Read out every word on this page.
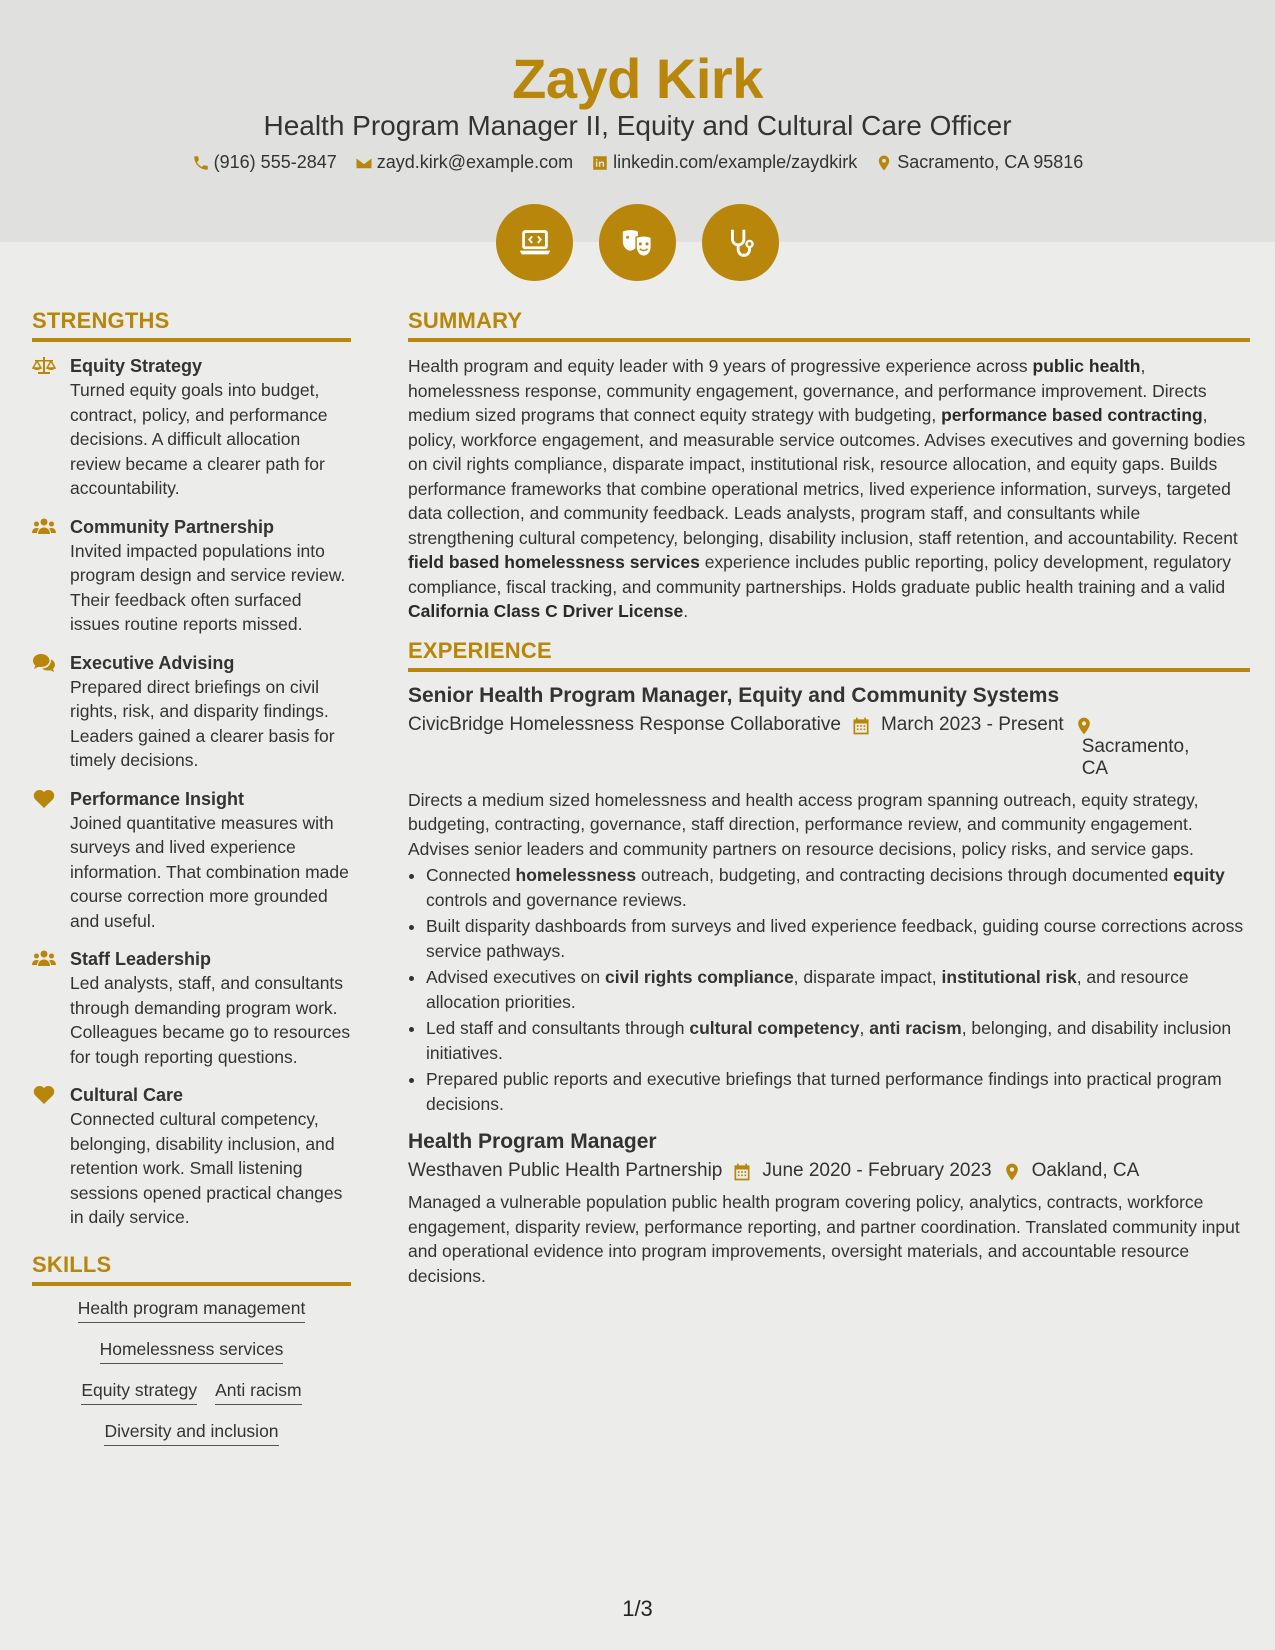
Zayd Kirk
Health Program Manager II, Equity and Cultural Care Officer
(916) 555-2847 zayd.kirk@example.com linkedin.com/example/zaydkirk Sacramento, CA 95816
STRENGTHS
Equity Strategy
Turned equity goals into budget, contract, policy, and performance decisions. A difficult allocation review became a clearer path for accountability.
Community Partnership
Invited impacted populations into program design and service review. Their feedback often surfaced issues routine reports missed.
Executive Advising
Prepared direct briefings on civil rights, risk, and disparity findings. Leaders gained a clearer basis for timely decisions.
Performance Insight
Joined quantitative measures with surveys and lived experience information. That combination made course correction more grounded and useful.
Staff Leadership
Led analysts, staff, and consultants through demanding program work. Colleagues became go to resources for tough reporting questions.
Cultural Care
Connected cultural competency, belonging, disability inclusion, and retention work. Small listening sessions opened practical changes in daily service.
SKILLS
Health program management
Homelessness services
Equity strategy Anti racism
Diversity and inclusion
SUMMARY

Health program and equity leader with 9 years of progressive experience across public health, homelessness response, community engagement, governance, and performance improvement. Directs medium sized programs that connect equity strategy with budgeting, performance based contracting, policy, workforce engagement, and measurable service outcomes. Advises executives and governing bodies on civil rights compliance, disparate impact, institutional risk, resource allocation, and equity gaps. Builds performance frameworks that combine operational metrics, lived experience information, surveys, targeted data collection, and community feedback. Leads analysts, program staff, and consultants while strengthening cultural competency, belonging, disability inclusion, staff retention, and accountability. Recent field based homelessness services experience includes public reporting, policy development, regulatory compliance, fiscal tracking, and community partnerships. Holds graduate public health training and a valid California Class C Driver License.

EXPERIENCE
Senior Health Program Manager, Equity and Community Systems
CivicBridge Homelessness Response Collaborative March 2023 - Present
Sacramento, CA

Directs a medium sized homelessness and health access program spanning outreach, equity strategy, budgeting, contracting, governance, staff direction, performance review, and community engagement. Advises senior leaders and community partners on resource decisions, policy risks, and service gaps.

• Connected homelessness outreach, budgeting, and contracting decisions through documented equity controls and governance reviews.
• Built disparity dashboards from surveys and lived experience feedback, guiding course corrections across service pathways.
• Advised executives on civil rights compliance, disparate impact, institutional risk, and resource allocation priorities.
• Led staff and consultants through cultural competency, anti racism, belonging, and disability inclusion initiatives.
• Prepared public reports and executive briefings that turned performance findings into practical program decisions.
Health Program Manager
Westhaven Public Health Partnership June 2020 - February 2023 Oakland, CA

Managed a vulnerable population public health program covering policy, analytics, contracts, workforce engagement, disparity review, performance reporting, and partner coordination. Translated community input and operational evidence into program improvements, oversight materials, and accountable resource decisions.

1/3
